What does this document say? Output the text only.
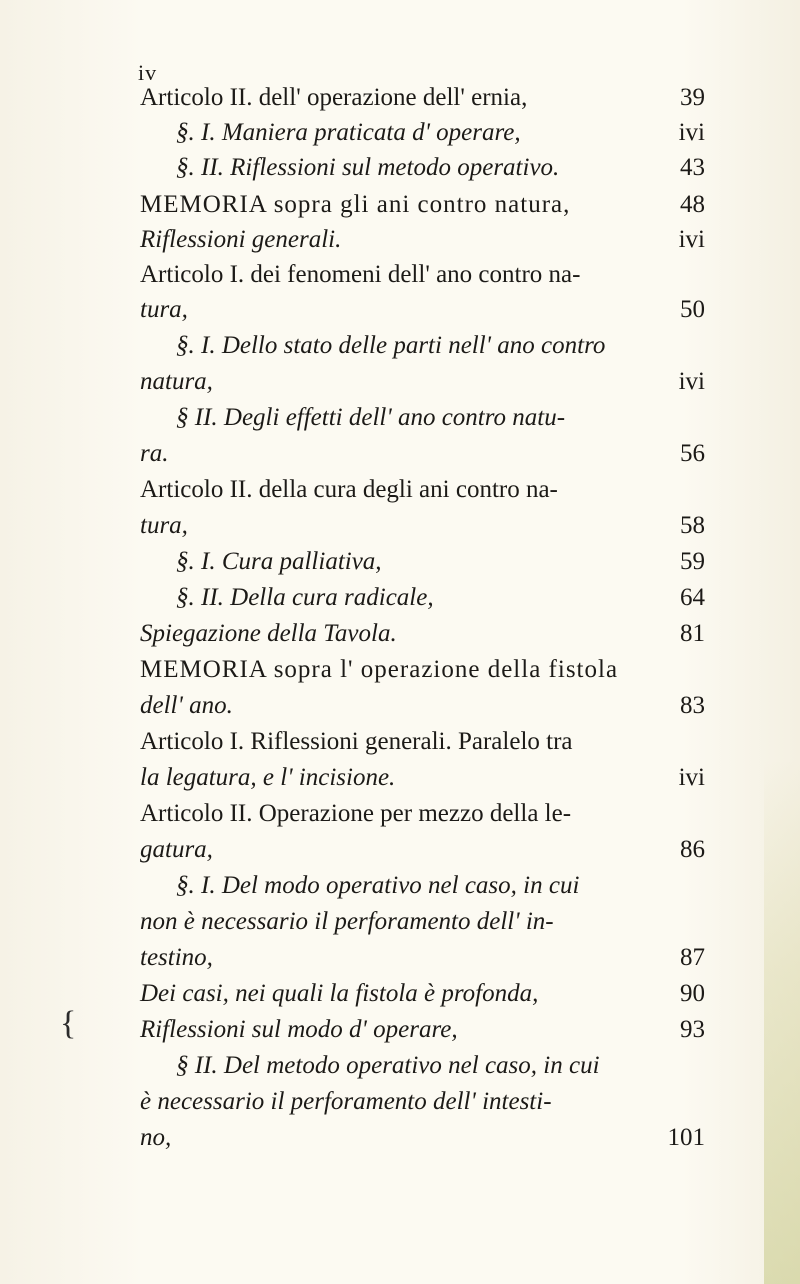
iv
Articolo II. dell' operazione dell' ernia,	39
§. I. Maniera praticata d' operare,	ivi
§. II. Riflessioni sul metodo operativo.	43
MEMORIA sopra gli ani contro natura,	48
Riflessioni generali.	ivi
Articolo I. dei fenomeni dell' ano contro na-
tura,	50
§. I. Dello stato delle parti nell' ano contro
natura,	ivi
§ II. Degli effetti dell' ano contro natu-
ra.	56
Articolo II. della cura degli ani contro na-
tura,	58
§. I. Cura palliativa,	59
§. II. Della cura radicale,	64
Spiegazione della Tavola.	81
MEMORIA sopra l' operazione della fistola
dell' ano.	83
Articolo I. Riflessioni generali. Paralelo tra
la legatura, e l' incisione.	ivi
Articolo II. Operazione per mezzo della le-
gatura,	86
§. I. Del modo operativo nel caso, in cui
non è necessario il perforamento dell' in-
testino,	87
Dei casi, nei quali la fistola è profonda,	90
Riflessioni sul modo d' operare,	93
§ II. Del metodo operativo nel caso, in cui
è necessario il perforamento dell' intesti-
no,	101
{
